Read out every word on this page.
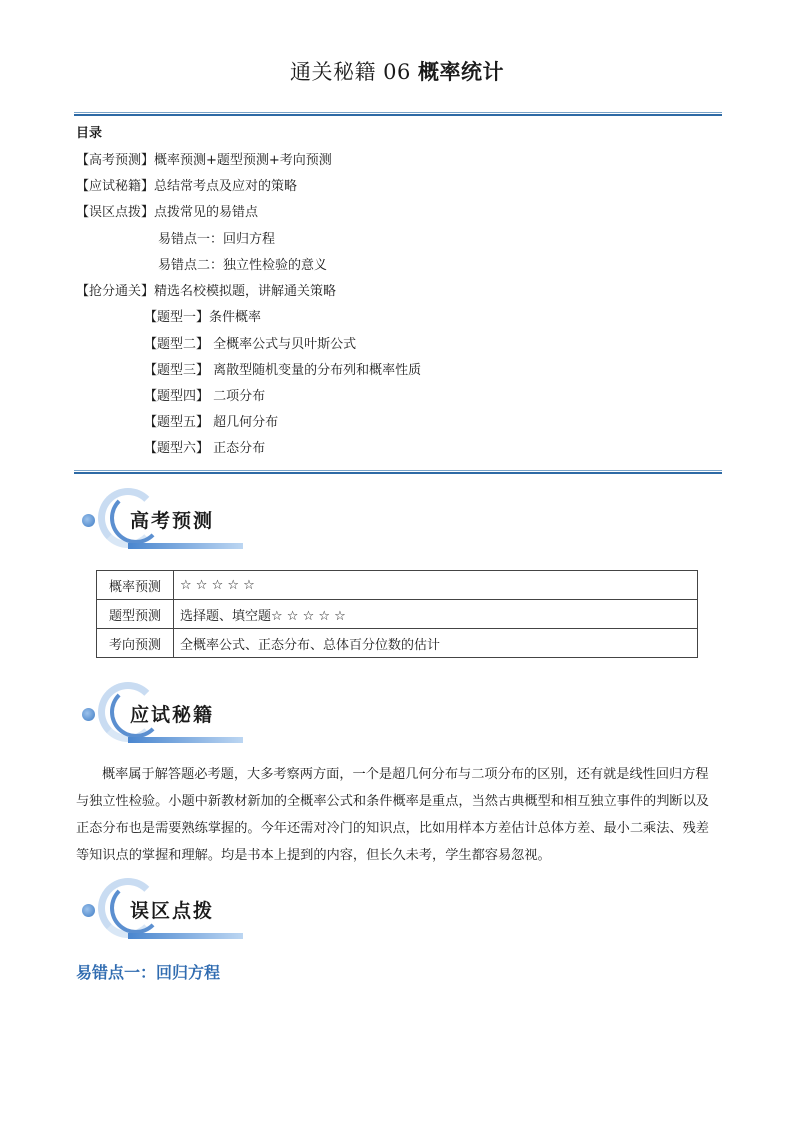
通关秘籍 06 概率统计
目录
【高考预测】概率预测+题型预测+考向预测
【应试秘籍】总结常考点及应对的策略
【误区点拨】点拨常见的易错点
易错点一：回归方程
易错点二：独立性检验的意义
【抢分通关】精选名校模拟题，讲解通关策略
【题型一】条件概率
【题型二】 全概率公式与贝叶斯公式
【题型三】 离散型随机变量的分布列和概率性质
【题型四】 二项分布
【题型五】 超几何分布
【题型六】 正态分布
高考预测
概率预测	☆ ☆ ☆ ☆ ☆
题型预测	选择题、填空题☆ ☆ ☆ ☆ ☆
考向预测	全概率公式、正态分布、总体百分位数的估计
应试秘籍

概率属于解答题必考题，大多考察两方面，一个是超几何分布与二项分布的区别，还有就是线性回归方程与独立性检验。小题中新教材新加的全概率公式和条件概率是重点，当然古典概型和相互独立事件的判断以及正态分布也是需要熟练掌握的。今年还需对冷门的知识点，比如用样本方差估计总体方差、最小二乘法、残差等知识点的掌握和理解。均是书本上提到的内容，但长久未考，学生都容易忽视。

误区点拨
易错点一：回归方程
